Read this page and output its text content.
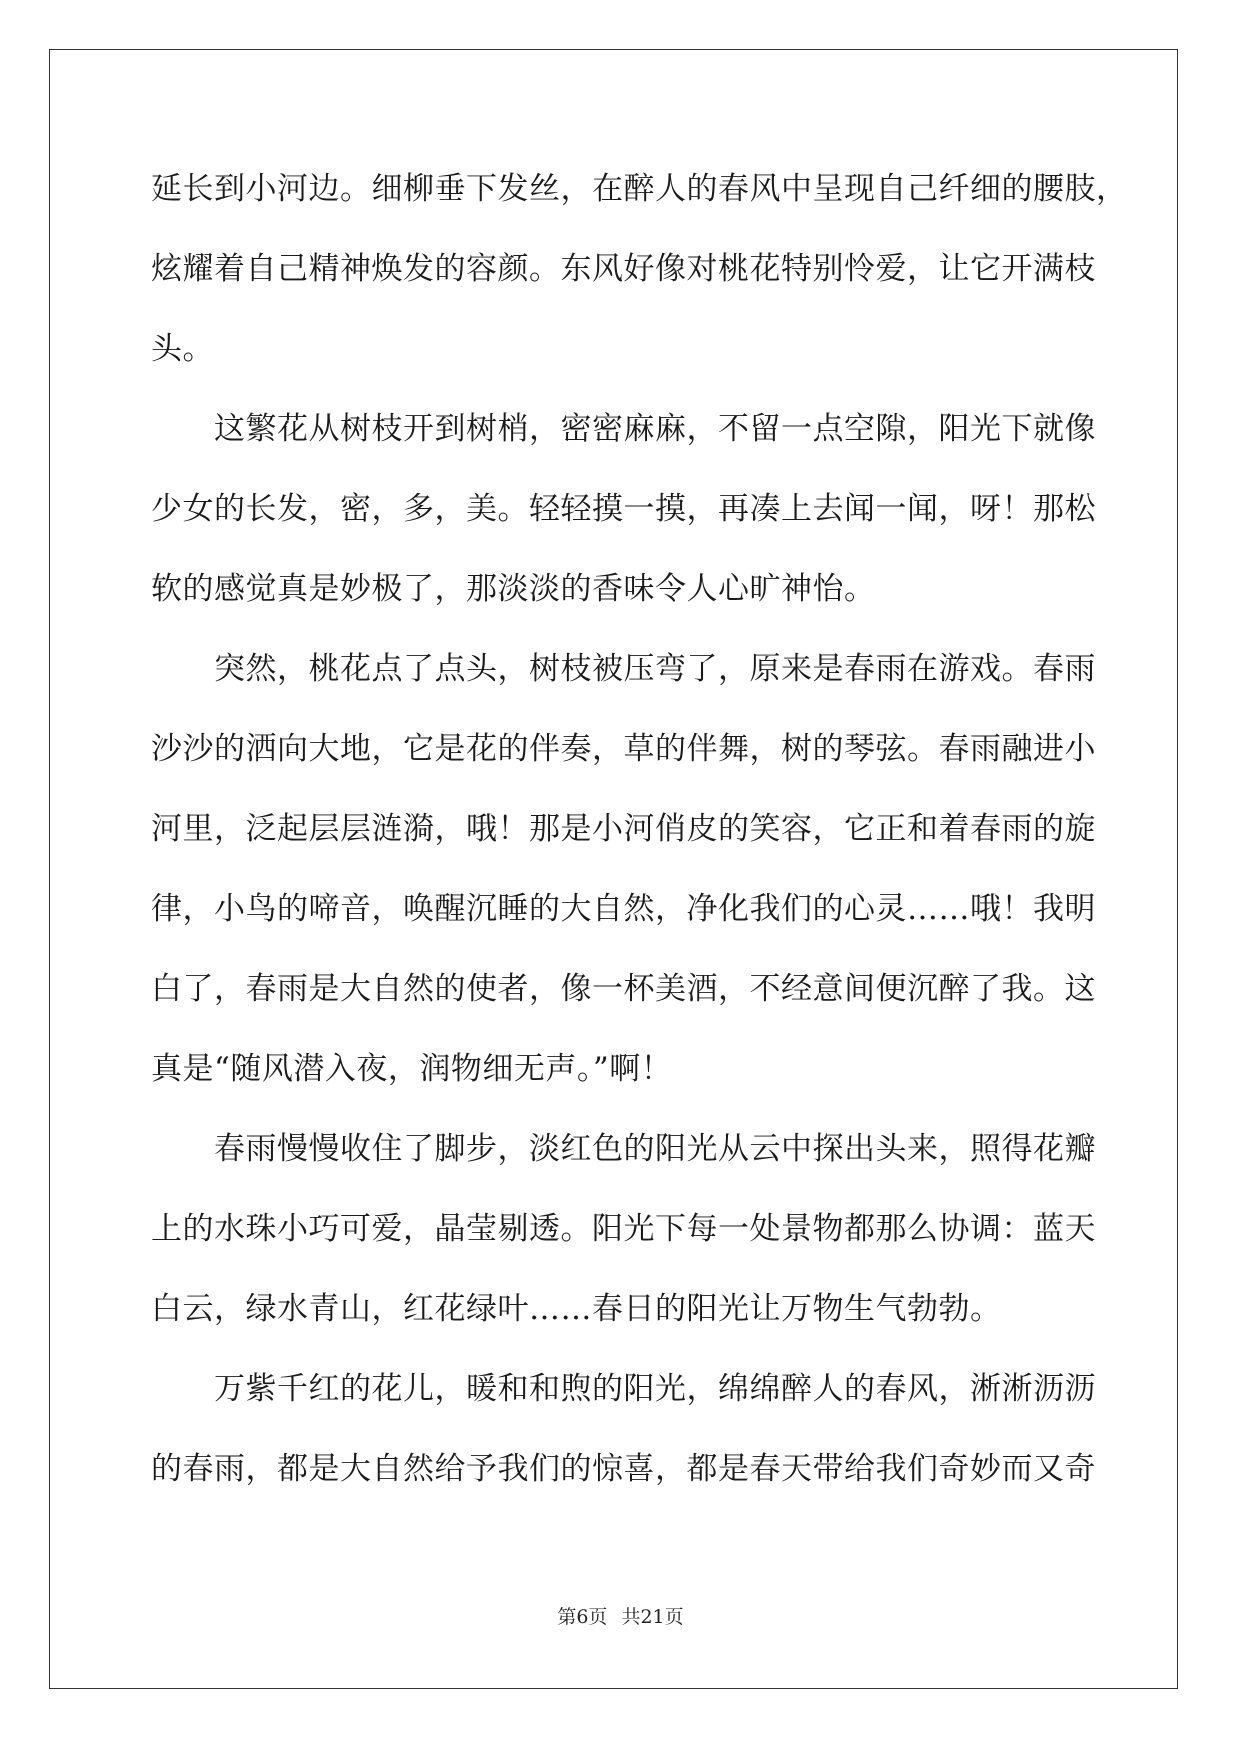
延长到小河边。细柳垂下发丝，在醉人的春风中呈现自己纤细的腰肢，
炫耀着自己精神焕发的容颜。东风好像对桃花特别怜爱，让它开满枝
头。
这繁花从树枝开到树梢，密密麻麻，不留一点空隙，阳光下就像
少女的长发，密，多，美。轻轻摸一摸，再凑上去闻一闻，呀！那松
软的感觉真是妙极了，那淡淡的香味令人心旷神怡。
突然，桃花点了点头，树枝被压弯了，原来是春雨在游戏。春雨
沙沙的洒向大地，它是花的伴奏，草的伴舞，树的琴弦。春雨融进小
河里，泛起层层涟漪，哦！那是小河俏皮的笑容，它正和着春雨的旋
律，小鸟的啼音，唤醒沉睡的大自然，净化我们的心灵……哦！我明
白了，春雨是大自然的使者，像一杯美酒，不经意间便沉醉了我。这
真是“随风潜入夜，润物细无声。”啊！
春雨慢慢收住了脚步，淡红色的阳光从云中探出头来，照得花瓣
上的水珠小巧可爱，晶莹剔透。阳光下每一处景物都那么协调：蓝天
白云，绿水青山，红花绿叶……春日的阳光让万物生气勃勃。
万紫千红的花儿，暖和和煦的阳光，绵绵醉人的春风，淅淅沥沥
的春雨，都是大自然给予我们的惊喜，都是春天带给我们奇妙而又奇
第6页 共21页
